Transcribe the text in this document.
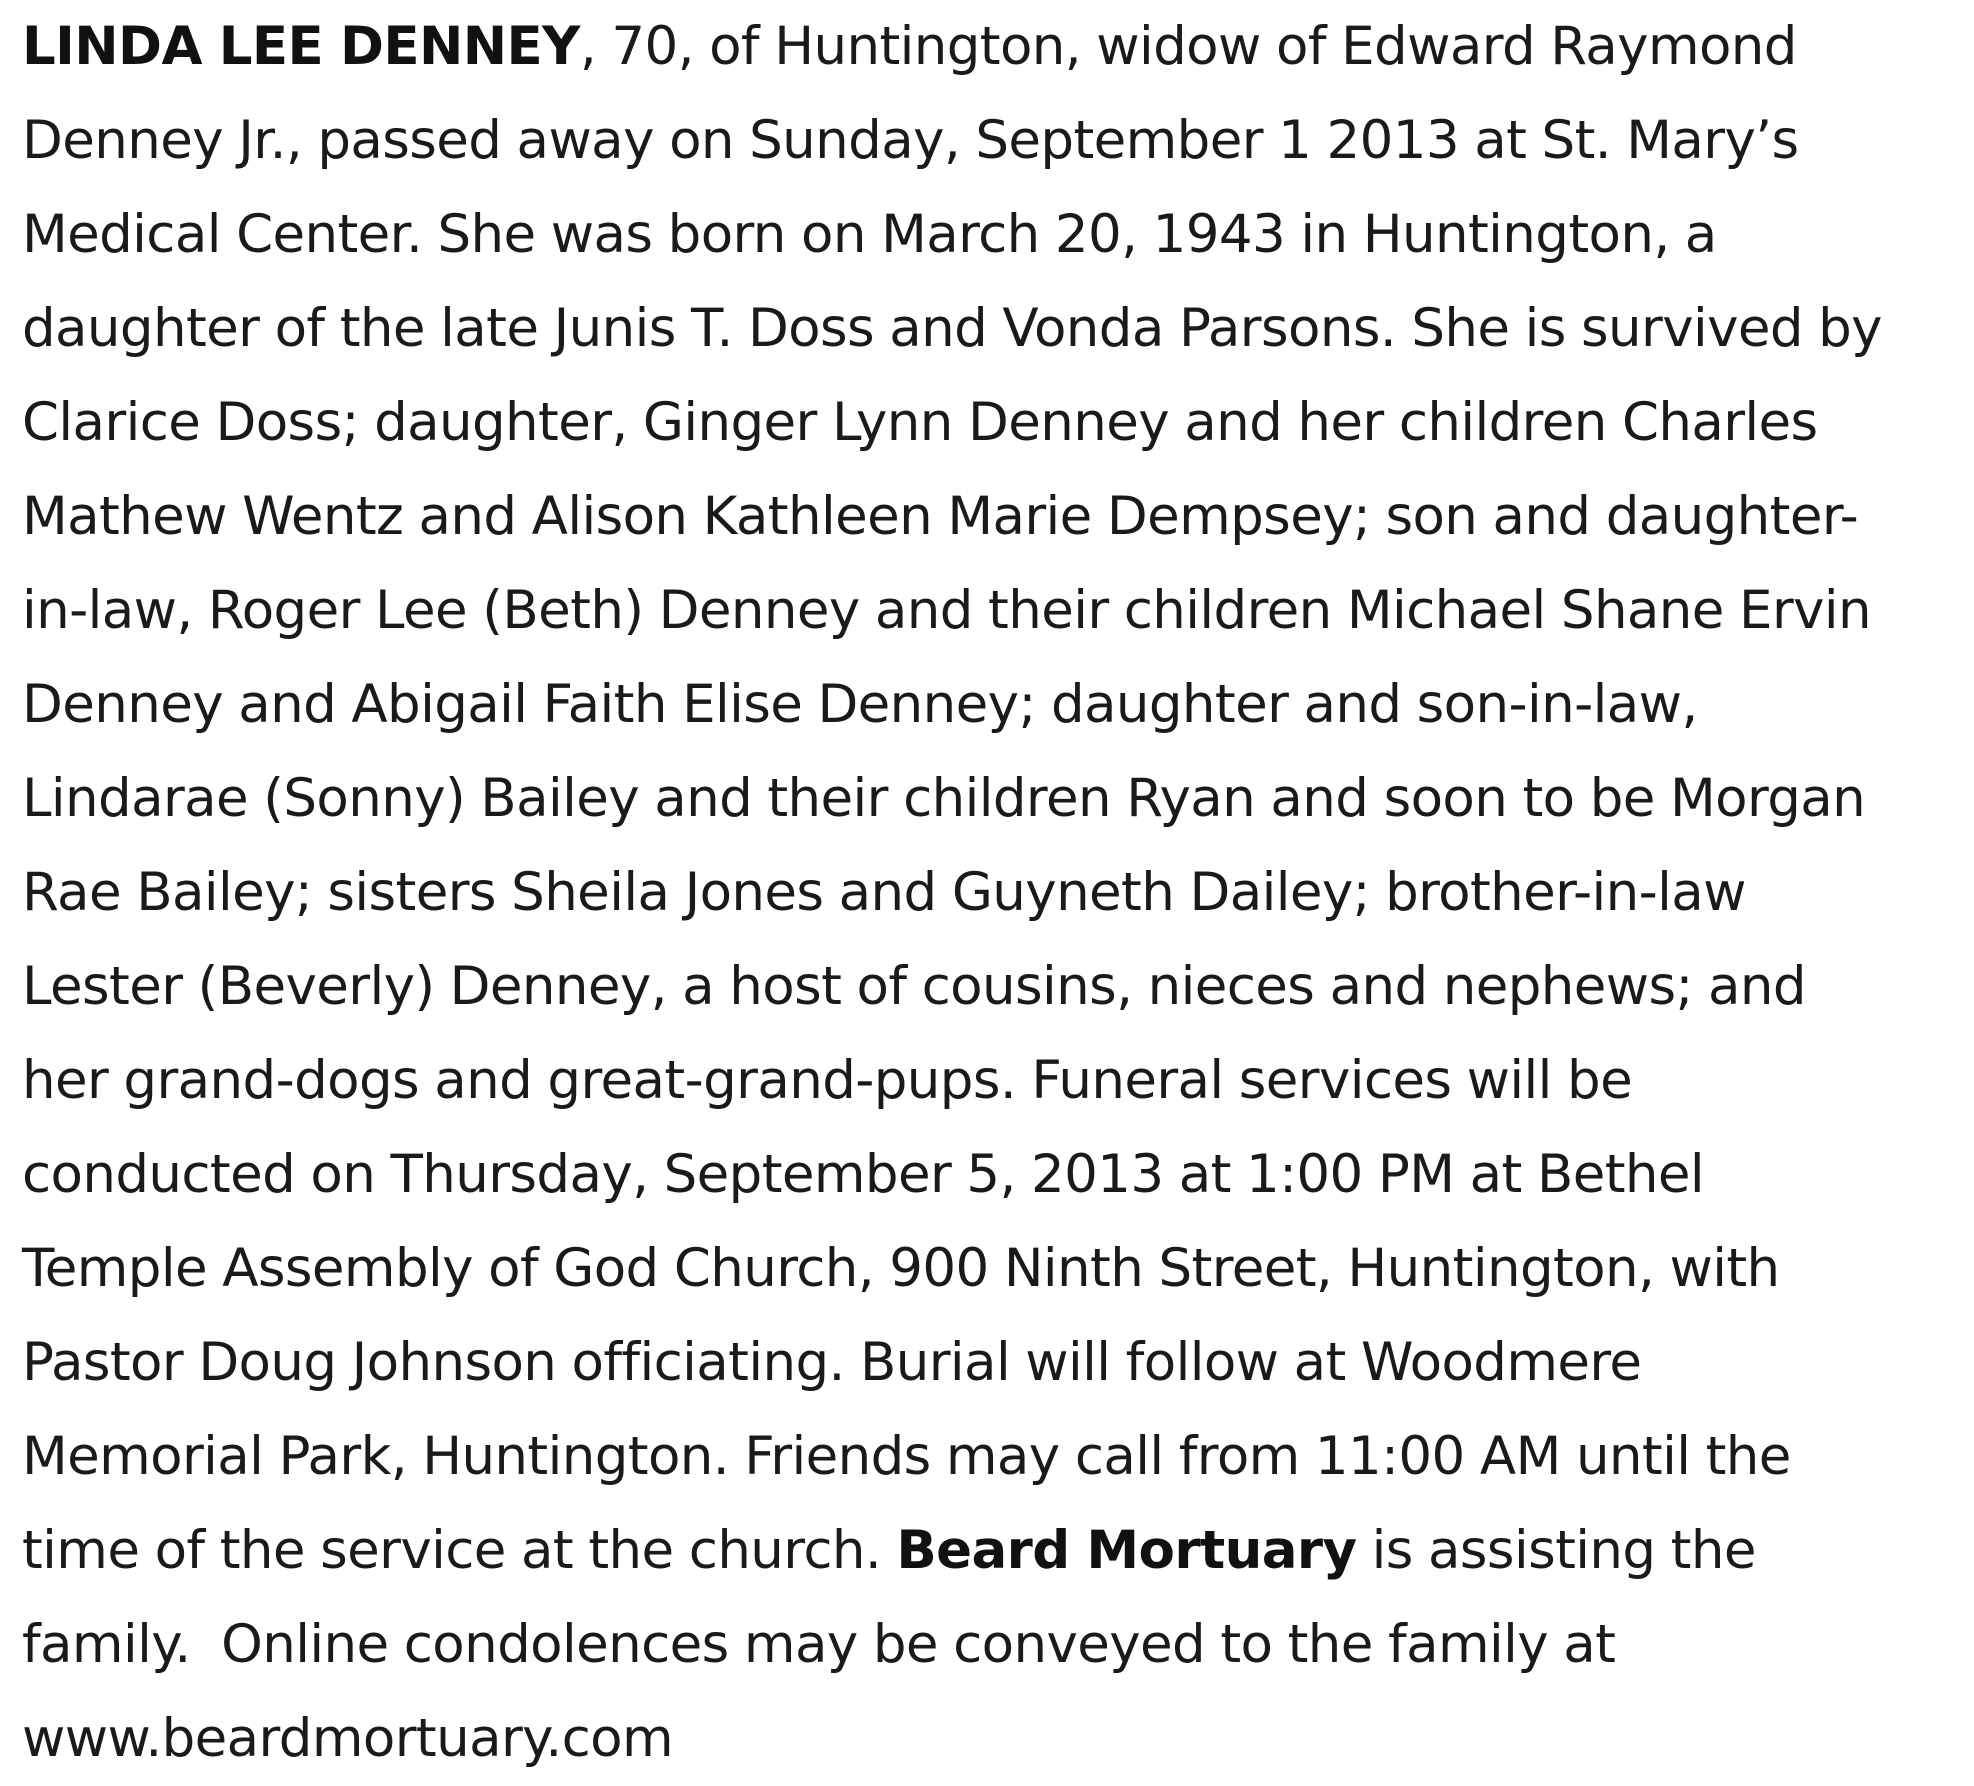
LINDA LEE DENNEY, 70, of Huntington, widow of Edward Raymond
Denney Jr., passed away on Sunday, September 1 2013 at St. Mary’s
Medical Center. She was born on March 20, 1943 in Huntington, a
daughter of the late Junis T. Doss and Vonda Parsons. She is survived by
Clarice Doss; daughter, Ginger Lynn Denney and her children Charles
Mathew Wentz and Alison Kathleen Marie Dempsey; son and daughter-
in-law, Roger Lee (Beth) Denney and their children Michael Shane Ervin
Denney and Abigail Faith Elise Denney; daughter and son-in-law,
Lindarae (Sonny) Bailey and their children Ryan and soon to be Morgan
Rae Bailey; sisters Sheila Jones and Guyneth Dailey; brother-in-law
Lester (Beverly) Denney, a host of cousins, nieces and nephews; and
her grand-dogs and great-grand-pups. Funeral services will be
conducted on Thursday, September 5, 2013 at 1:00 PM at Bethel
Temple Assembly of God Church, 900 Ninth Street, Huntington, with
Pastor Doug Johnson officiating. Burial will follow at Woodmere
Memorial Park, Huntington. Friends may call from 11:00 AM until the
time of the service at the church. Beard Mortuary is assisting the
family.  Online condolences may be conveyed to the family at
www.beardmortuary.com
